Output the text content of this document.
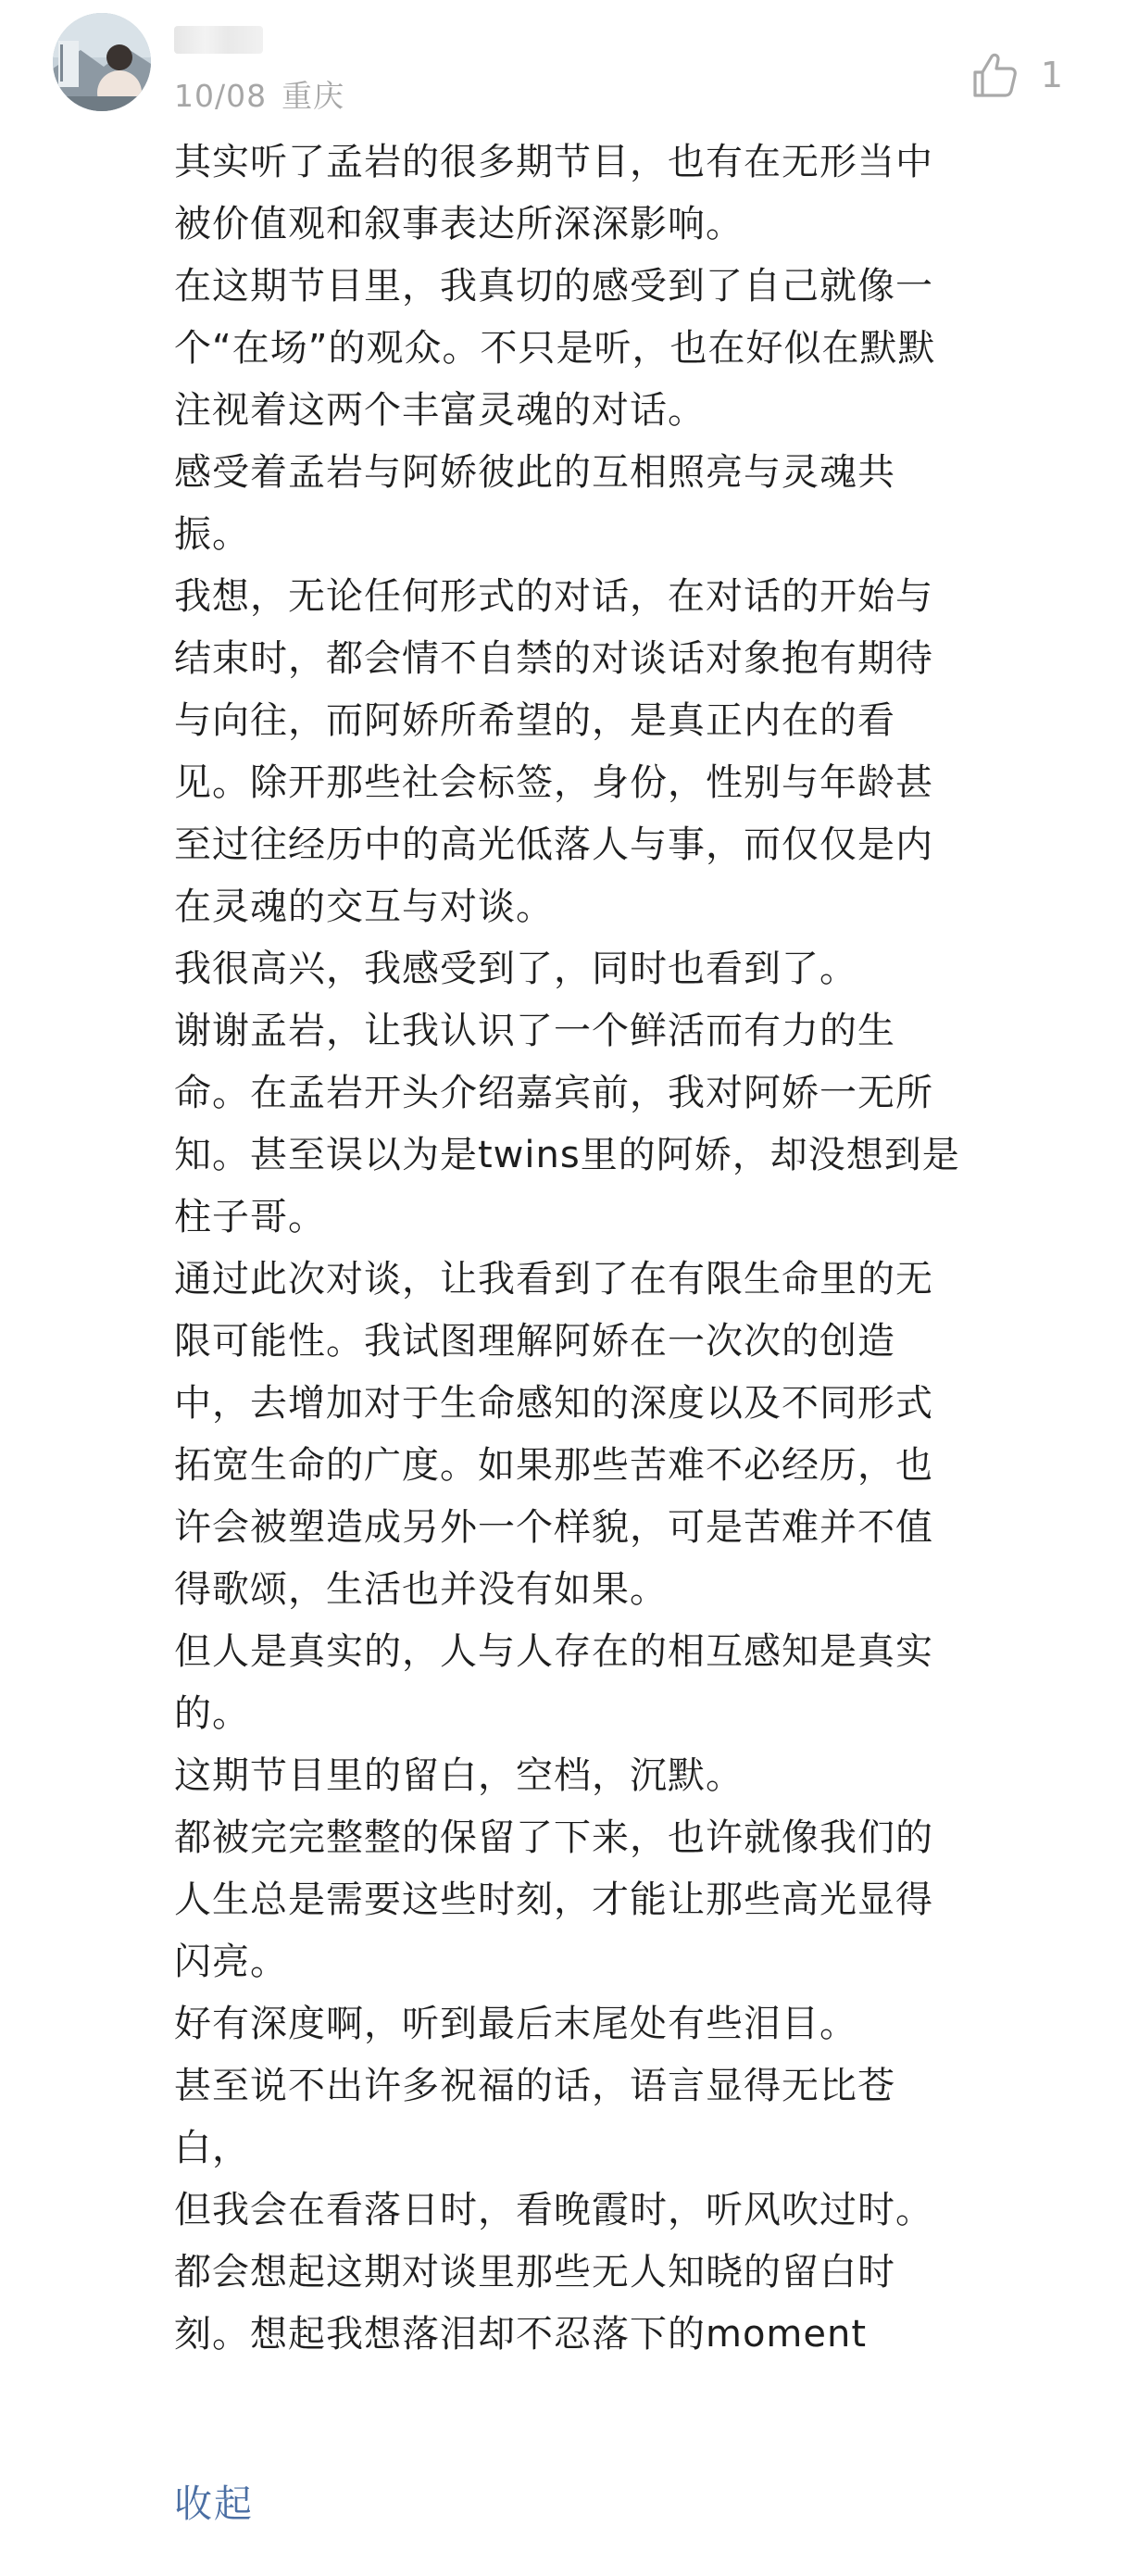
10/08 重庆
1

其实听了孟岩的很多期节目，也有在无形当中

被价值观和叙事表达所深深影响。

在这期节目里，我真切的感受到了自己就像一

个“在场”的观众。不只是听，也在好似在默默

注视着这两个丰富灵魂的对话。

感受着孟岩与阿娇彼此的互相照亮与灵魂共

振。

我想，无论任何形式的对话，在对话的开始与

结束时，都会情不自禁的对谈话对象抱有期待

与向往，而阿娇所希望的，是真正内在的看

见。除开那些社会标签，身份，性别与年龄甚

至过往经历中的高光低落人与事，而仅仅是内

在灵魂的交互与对谈。

我很高兴，我感受到了，同时也看到了。

谢谢孟岩，让我认识了一个鲜活而有力的生

命。在孟岩开头介绍嘉宾前，我对阿娇一无所

知。甚至误以为是twins里的阿娇，却没想到是

柱子哥。

通过此次对谈，让我看到了在有限生命里的无

限可能性。我试图理解阿娇在一次次的创造

中，去增加对于生命感知的深度以及不同形式

拓宽生命的广度。如果那些苦难不必经历，也

许会被塑造成另外一个样貌，可是苦难并不值

得歌颂，生活也并没有如果。

但人是真实的，人与人存在的相互感知是真实

的。

这期节目里的留白，空档，沉默。

都被完完整整的保留了下来，也许就像我们的

人生总是需要这些时刻，才能让那些高光显得

闪亮。

好有深度啊，听到最后末尾处有些泪目。

甚至说不出许多祝福的话，语言显得无比苍

白，

但我会在看落日时，看晚霞时，听风吹过时。

都会想起这期对谈里那些无人知晓的留白时

刻。想起我想落泪却不忍落下的moment

收起
